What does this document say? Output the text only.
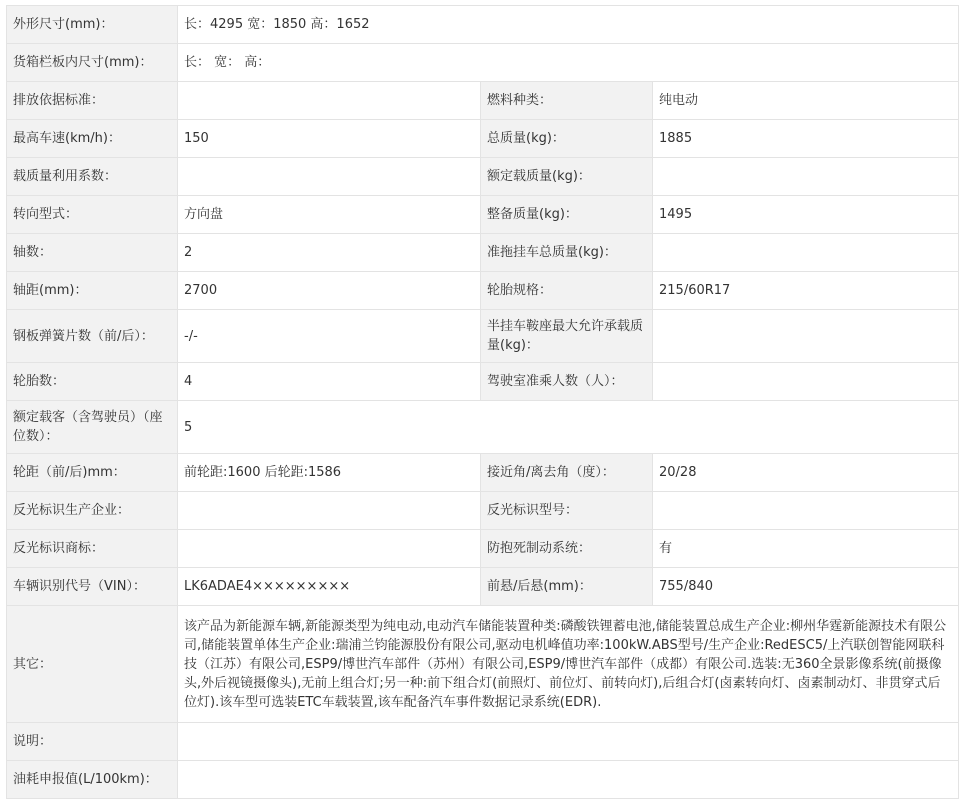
外形尺寸(mm)：	长：4295 宽：1850 高：1652		
货箱栏板内尺寸(mm)：	长： 宽： 高：		
排放依据标准：		燃料种类：	纯电动
最高车速(km/h)：	150	总质量(kg)：	1885
载质量利用系数：		额定载质量(kg)：	
转向型式：	方向盘	整备质量(kg)：	1495
轴数：	2	准拖挂车总质量(kg)：	
轴距(mm)：	2700	轮胎规格：	215/60R17
钢板弹簧片数（前/后）：	-/-	半挂车鞍座最大允许承载质量(kg)：	
轮胎数：	4	驾驶室准乘人数（人）：	
额定载客（含驾驶员）（座位数）：	5		
轮距（前/后)mm：	前轮距:1600 后轮距:1586	接近角/离去角（度）：	20/28
反光标识生产企业：		反光标识型号：	
反光标识商标：		防抱死制动系统：	有
车辆识别代号（VIN）：	LK6ADAE4×××××××××	前悬/后悬(mm)：	755/840
其它：	该产品为新能源车辆,新能源类型为纯电动,电动汽车储能装置种类:磷酸铁锂蓄电池,储能装置总成生产企业:柳州华霆新能源技术有限公司,储能装置单体生产企业:瑞浦兰钧能源股份有限公司,驱动电机峰值功率:100kW.ABS型号/生产企业:RedESC5/上汽联创智能网联科技（江苏）有限公司,ESP9/博世汽车部件（苏州）有限公司,ESP9/博世汽车部件（成都）有限公司.选装:无360全景影像系统(前摄像头,外后视镜摄像头),无前上组合灯;另一种:前下组合灯(前照灯、前位灯、前转向灯),后组合灯(卤素转向灯、卤素制动灯、非贯穿式后位灯).该车型可选装ETC车载装置,该车配备汽车事件数据记录系统(EDR).		
说明：			
油耗申报值(L/100km)：			
